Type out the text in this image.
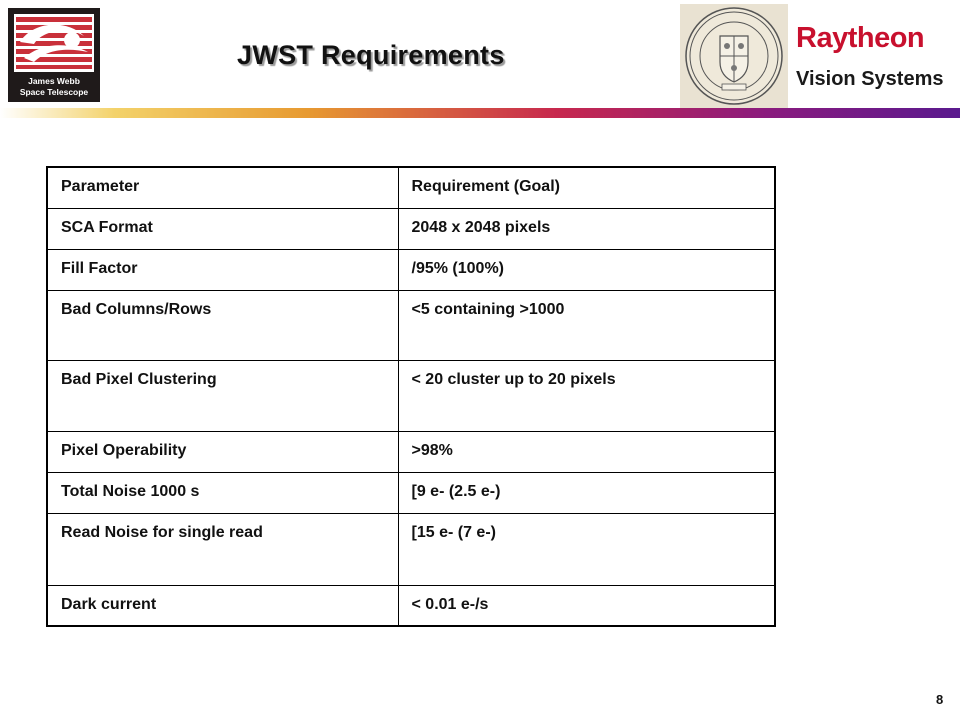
James Webb
Space Telescope
JWST Requirements
Raytheon
Vision Systems
Parameter	Requirement (Goal)
SCA Format	2048 x 2048 pixels
Fill Factor	/95% (100%)
Bad Columns/Rows	<5 containing >1000
Bad Pixel Clustering	< 20 cluster up to 20 pixels
Pixel Operability	>98%
Total Noise 1000 s	[9 e- (2.5 e-)
Read Noise for single read	[15 e- (7 e-)
Dark current	< 0.01 e-/s
8
